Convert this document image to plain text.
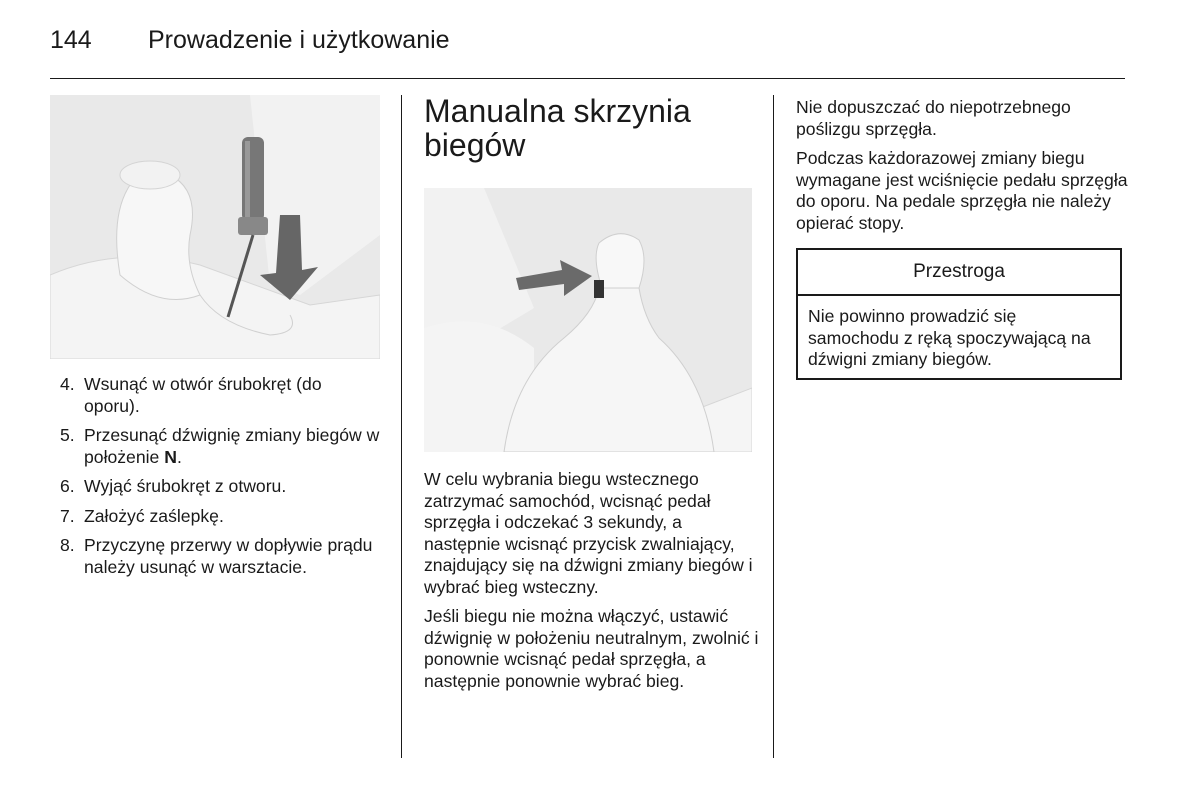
144 Prowadzenie i użytkowanie
4. Wsunąć w otwór śrubokręt (do oporu).
5. Przesunąć dźwignię zmiany biegów w położenie N.
6. Wyjąć śrubokręt z otworu.
7. Założyć zaślepkę.
8. Przyczynę przerwy w dopływie prądu należy usunąć w warsztacie.
Manualna skrzynia biegów

W celu wybrania biegu wstecznego zatrzymać samochód, wcisnąć pedał sprzęgła i odczekać 3 sekundy, a następnie wcisnąć przycisk zwalniający, znajdujący się na dźwigni zmiany biegów i wybrać bieg wsteczny.

Jeśli biegu nie można włączyć, ustawić dźwignię w położeniu neutralnym, zwolnić i ponownie wcisnąć pedał sprzęgła, a następnie ponownie wybrać bieg.

Nie dopuszczać do niepotrzebnego poślizgu sprzęgła.

Podczas każdorazowej zmiany biegu wymagane jest wciśnięcie pedału sprzęgła do oporu. Na pedale sprzęgła nie należy opierać stopy.

Przestroga
Nie powinno prowadzić się samochodu z ręką spoczywającą na dźwigni zmiany biegów.
